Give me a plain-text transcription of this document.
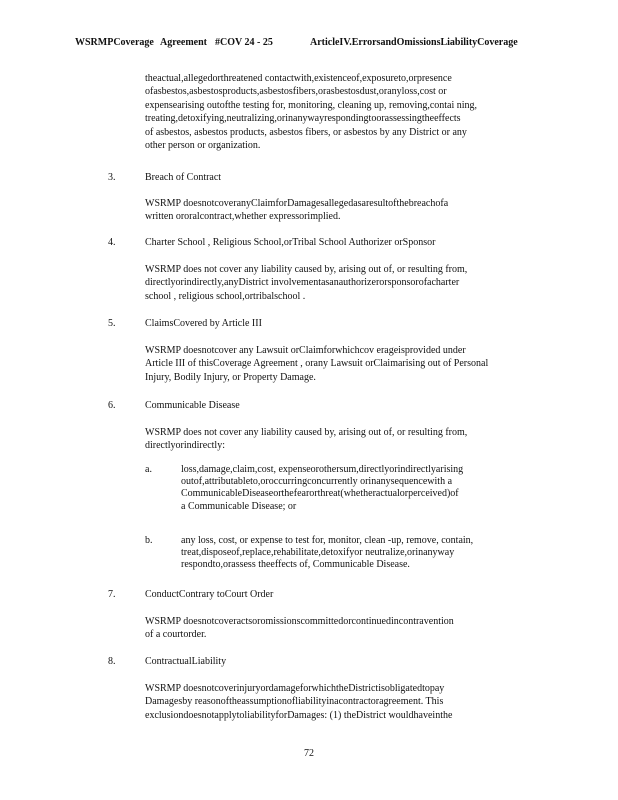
WSRMPCoverage Agreement #COV 24 - 25	ArticleIV.ErrorsandOmissionsLiabilityCoverage
theactual,allegedorthreatened contactwith,existenceof,exposureto,orpresence
ofasbestos,asbestosproducts,asbestosfibers,orasbestosdust,oranyloss,cost or
expensearising outofthe testing for, monitoring, cleaning up, removing,contai ning,
treating,detoxifying,neutralizing,orinanywayrespondingtoorassessingtheeffects
of asbestos, asbestos products, asbestos fibers, or asbestos by any District or any
other person or organization.
3.	Breach of Contract
WSRMP doesnotcoveranyClaimforDamagesallegedasaresultofthebreachofa
written ororalcontract,whether expressorimplied.
4.	Charter School , Religious School,orTribal School Authorizer orSponsor
WSRMP does not cover any liability caused by, arising out of, or resulting from,
directlyorindirectly,anyDistrict involvementasanauthorizerorsponsorofacharter
school , religious school,ortribalschool .
5.	ClaimsCovered by Article III
WSRMP doesnotcover any Lawsuit orClaimforwhichcov erageisprovided under
Article III of thisCoverage Agreement , orany Lawsuit orClaimarising out of Personal
Injury, Bodily Injury, or Property Damage.
6.	Communicable Disease
WSRMP does not cover any liability caused by, arising out of, or resulting from,
directlyorindirectly:
a.	loss,damage,claim,cost, expenseorothersum,directlyorindirectlyarising
outof,attributableto,oroccurringconcurrently orinanysequencewith a
CommunicableDiseaseorthefearorthreat(whetheractualorperceived)of
a Communicable Disease; or
b.	any loss, cost, or expense to test for, monitor, clean -up, remove, contain,
treat,disposeof,replace,rehabilitate,detoxifyor neutralize,orinanyway
respondto,orassess theeffects of, Communicable Disease.
7.	ConductContrary toCourt Order
WSRMP doesnotcoveractsoromissionscommittedorcontinuedincontravention
of a courtorder.
8.	ContractualLiability
WSRMP doesnotcoverinjuryordamageforwhichtheDistrictisobligatedtopay
Damagesby reasonoftheassumptionofliabilityinacontractoragreement. This
exclusiondoesnotapplytoliabilityforDamages: (1) theDistrict wouldhaveinthe
72
